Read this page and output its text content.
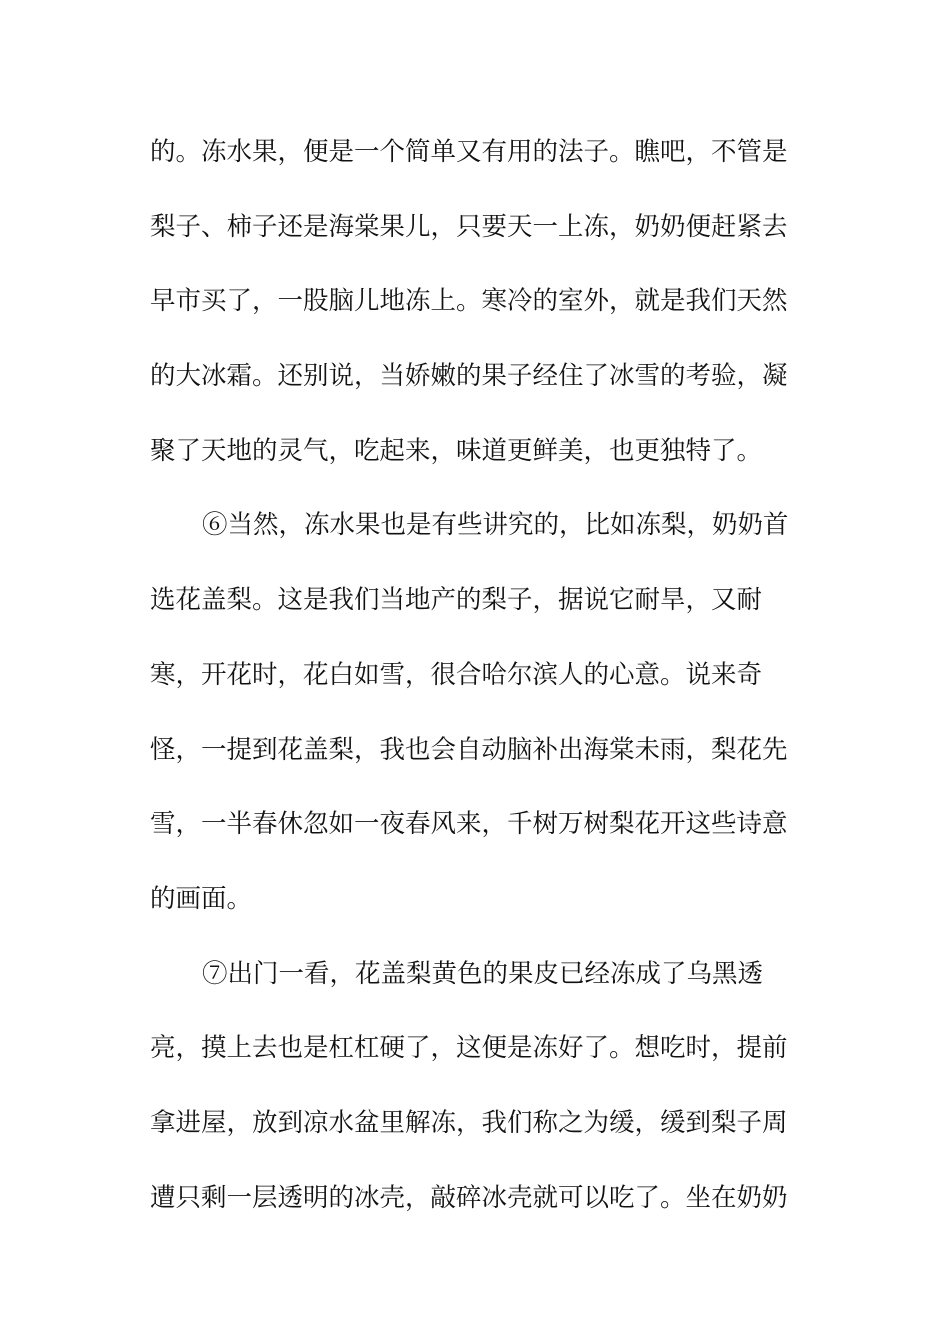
的。冻水果，便是一个简单又有用的法子。瞧吧，不管是
梨子、柿子还是海棠果儿，只要天一上冻，奶奶便赶紧去
早市买了，一股脑儿地冻上。寒冷的室外，就是我们天然
的大冰霜。还别说，当娇嫩的果子经住了冰雪的考验，凝
聚了天地的灵气，吃起来，味道更鲜美，也更独特了。
⑥当然，冻水果也是有些讲究的，比如冻梨，奶奶首
选花盖梨。这是我们当地产的梨子，据说它耐旱，又耐
寒，开花时，花白如雪，很合哈尔滨人的心意。说来奇
怪，一提到花盖梨，我也会自动脑补出海棠未雨，梨花先
雪，一半春休忽如一夜春风来，千树万树梨花开这些诗意
的画面。
⑦出门一看，花盖梨黄色的果皮已经冻成了乌黑透
亮，摸上去也是杠杠硬了，这便是冻好了。想吃时，提前
拿进屋，放到凉水盆里解冻，我们称之为缓，缓到梨子周
遭只剩一层透明的冰壳，敲碎冰壳就可以吃了。坐在奶奶
